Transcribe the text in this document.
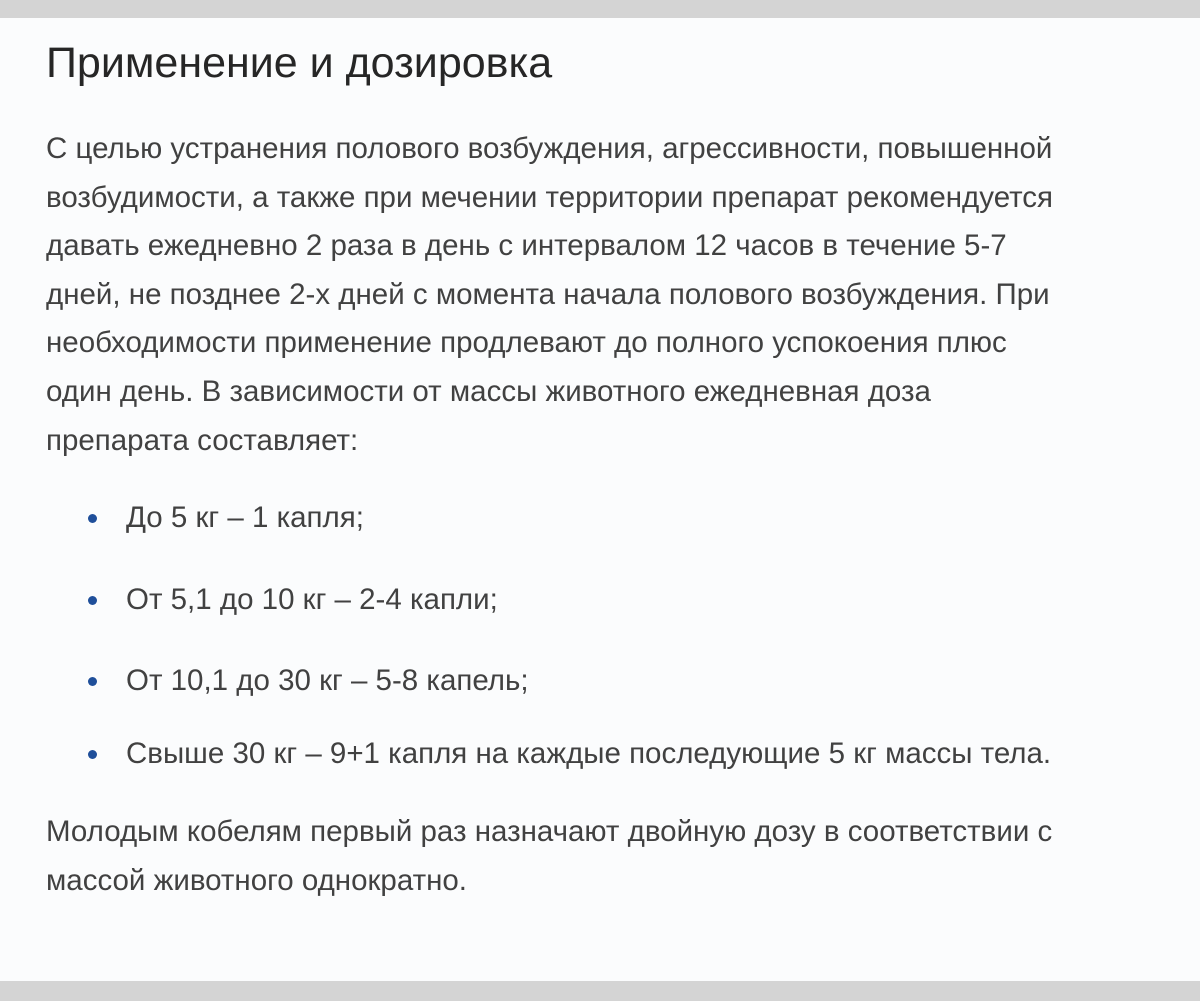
Применение и дозировка

С целью устранения полового возбуждения, агрессивности, повышенной
возбудимости, а также при мечении территории препарат рекомендуется
давать ежедневно 2 раза в день с интервалом 12 часов в течение 5-7
дней, не позднее 2-х дней с момента начала полового возбуждения. При
необходимости применение продлевают до полного успокоения плюс
один день. В зависимости от массы животного ежедневная доза
препарата составляет:

До 5 кг – 1 капля;
От 5,1 до 10 кг – 2-4 капли;
От 10,1 до 30 кг – 5-8 капель;
Свыше 30 кг – 9+1 капля на каждые последующие 5 кг массы тела.

Молодым кобелям первый раз назначают двойную дозу в соответствии с
массой животного однократно.
